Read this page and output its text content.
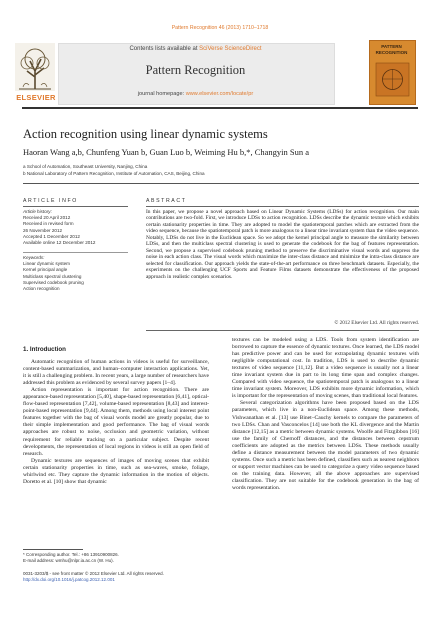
Pattern Recognition 46 (2013) 1710–1718
ELSEVIER
Contents lists available at SciVerse ScienceDirect
Pattern Recognition
journal homepage: www.elsevier.com/locate/pr
PATTERN RECOGNITION
Action recognition using linear dynamic systems
Haoran Wang a,b, Chunfeng Yuan b, Guan Luo b, Weiming Hu b,*, Changyin Sun a
a School of Automation, Southeast University, Nanjing, China
b National Laboratory of Pattern Recognition, Institute of Automation, CAS, Beijing, China
ARTICLE INFO	ABSTRACT
Article history:
Received 20 April 2012
Received in revised form
26 November 2012
Accepted 1 December 2012
Available online 12 December 2012
Keywords:
Linear dynamic system
Kernel principal angle
Multiclass spectral clustering
Supervised codebook pruning
Action recognition
In this paper, we propose a novel approach based on Linear Dynamic Systems (LDSs) for action recognition. Our main contributions are two-fold. First, we introduce LDSs to action recognition. LDSs describe the dynamic texture which exhibits certain stationarity properties in time. They are adopted to model the spatiotemporal patches which are extracted from the video sequence, because the spatiotemporal patch is more analogous to a linear time invariant system than the video sequence. Notably, LDSs do not live in the Euclidean space. So we adopt the kernel principal angle to measure the similarity between LDSs, and then the multiclass spectral clustering is used to generate the codebook for the bag of features representation. Second, we propose a supervised codebook pruning method to preserve the discriminative visual words and suppress the noise in each action class. The visual words which maximize the inter-class distance and minimize the intra-class distance are selected for classification. Our approach yields the state-of-the-art performance on three benchmark datasets. Especially, the experiments on the challenging UCF Sports and Feature Films datasets demonstrate the effectiveness of the proposed approach in realistic complex scenarios.
© 2012 Elsevier Ltd. All rights reserved.
1. Introduction

Automatic recognition of human actions in videos is useful for surveillance, content-based summarization, and human–computer interaction applications. Yet, it is still a challenging problem. In recent years, a large number of researchers have addressed this problem as evidenced by several survey papers [1–4].

Action representation is important for action recognition. There are appearance-based representation [5,40], shape-based representation [6,41], optical-flow-based representation [7,42], volume-based representation [8,43] and interest-point-based representation [9,44]. Among them, methods using local interest point features together with the bag of visual words model are greatly popular, due to their simple implementation and good performance. The bag of visual words approaches are robust to noise, occlusion and geometric variation, without requirement for reliable tracking on a particular subject. Despite recent developments, the representation of local regions in videos is still an open field of research.

Dynamic textures are sequences of images of moving scenes that exhibit certain stationarity properties in time, such as sea-waves, smoke, foliage, whirlwind etc. They capture the dynamic information in the motion of objects. Doretto et al. [10] show that dynamic

textures can be modeled using a LDS. Tools from system identification are borrowed to capture the essence of dynamic textures. Once learned, the LDS model has predictive power and can be used for extrapolating dynamic textures with negligible computational cost. In tradition, LDS is used to describe dynamic textures of video sequence [11,12]. But a video sequence is usually not a linear time invariant system due in part to its long time span and complex changes. Compared with video sequence, the spatiotemporal patch is analogous to a linear time invariant system. Moreover, LDS exhibits more dynamic information, which is important for the representation of moving scenes, than traditional local features.

Several categorization algorithms have been proposed based on the LDS parameters, which live in a non-Euclidean space. Among these methods, Vishwanathan et al. [13] use Binet–Cauchy kernels to compare the parameters of two LDSs. Chan and Vasconcelos [14] use both the KL divergence and the Martin distance [12,15] as a metric between dynamic systems. Woolfe and Fitzgibbon [16] use the family of Chernoff distances, and the distances between cepstrum coefficients are adopted as the metrics between LDSs. These methods usually define a distance measurement between the model parameters of two dynamic systems. Once such a metric has been defined, classifiers such as nearest neighbors or support vector machines can be used to categorize a query video sequence based on the training data. However, all the above approaches are supervised classification. They are not suitable for the codebook generation in the bag of words representation.

* Corresponding author. Tel.: +86 13910900826.
E-mail address: wmhu@nlpr.ia.ac.cn (W. Hu).
0031-3203/$ - see front matter © 2012 Elsevier Ltd. All rights reserved.
http://dx.doi.org/10.1016/j.patcog.2012.12.001
